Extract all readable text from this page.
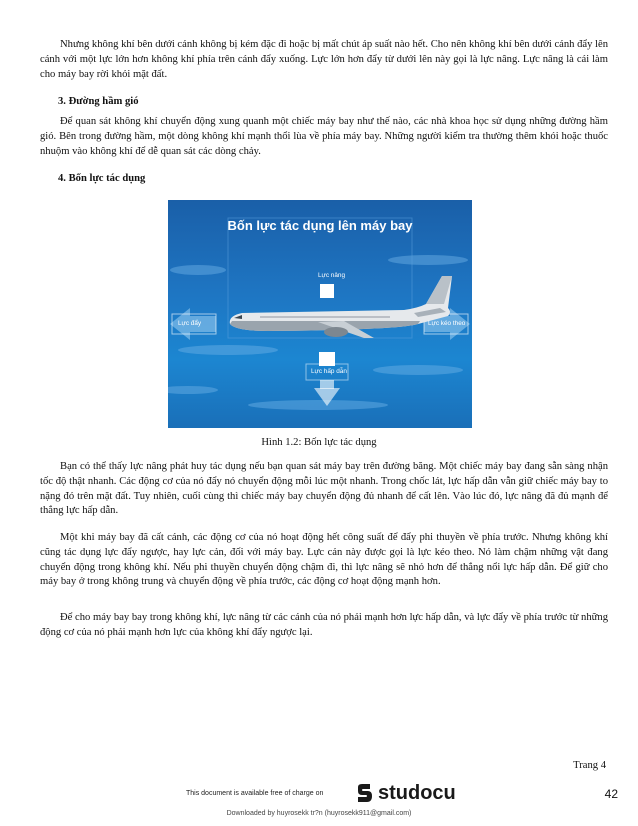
Nhưng không khí bên dưới cánh không bị kém đặc đi hoặc bị mất chút áp suất nào hết. Cho nên không khí bên dưới cánh đẩy lên cánh với một lực lớn hơn không khí phía trên cánh đẩy xuống. Lực lớn hơn đẩy từ dưới lên này gọi là lực nâng. Lực nâng là cái làm cho máy bay rời khỏi mặt đất.

3. Đường hầm gió

Để quan sát không khí chuyển động xung quanh một chiếc máy bay như thế nào, các nhà khoa học sử dụng những đường hầm gió. Bên trong đường hầm, một dòng không khí mạnh thổi lùa về phía máy bay. Những người kiểm tra thường thêm khói hoặc thuốc nhuộm vào không khí để dễ quan sát các dòng chảy.

4. Bốn lực tác dụng

Bốn lực tác dụng lên máy bay
Lực nâng
Lực đẩy	Lực kéo theo
Lực hấp dẫn
Hình 1.2: Bốn lực tác dụng

Bạn có thể thấy lực nâng phát huy tác dụng nếu bạn quan sát máy bay trên đường băng. Một chiếc máy bay đang sẵn sàng nhận tốc độ thật nhanh. Các động cơ của nó đẩy nó chuyển động mỗi lúc một nhanh. Trong chốc lát, lực hấp dẫn vẫn giữ chiếc máy bay to nặng đó trên mặt đất. Tuy nhiên, cuối cùng thì chiếc máy bay chuyển động đủ nhanh để cất lên. Vào lúc đó, lực nâng đã đủ mạnh để thắng lực hấp dẫn.

Một khi máy bay đã cất cánh, các động cơ của nó hoạt động hết công suất để đẩy phi thuyền về phía trước. Nhưng không khí cũng tác dụng lực đẩy ngược, hay lực cản, đối với máy bay. Lực cản này được gọi là lực kéo theo. Nó làm chậm những vật đang chuyển động trong không khí. Nếu phi thuyền chuyển động chậm đi, thì lực nâng sẽ nhỏ hơn để thắng nổi lực hấp dẫn. Để giữ cho máy bay ở trong không trung và chuyển động về phía trước, các động cơ hoạt động mạnh hơn.

Để cho máy bay bay trong không khí, lực nâng từ các cánh của nó phải mạnh hơn lực hấp dẫn, và lực đẩy về phía trước từ những động cơ của nó phải mạnh hơn lực của không khí đẩy ngược lại.

Trang 4
This document is available free of charge on	studocu	42
Downloaded by huyrosekk tr?n (huyrosekk911@gmail.com)
